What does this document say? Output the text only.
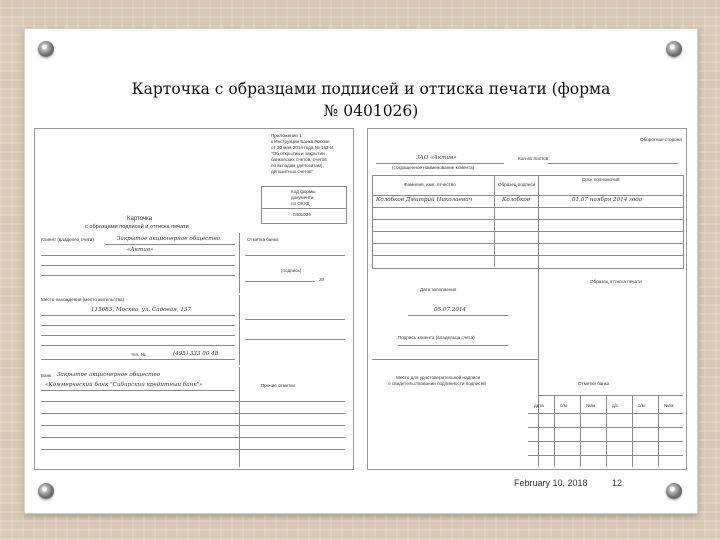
Карточка с образцами подписей и оттиска печати (форма
№ 0401026)
Приложение 1
к Инструкции Банка России
от 30 мая 2014 года № 153-И
"Об открытии и закрытии
банковских счетов, счетов
по вкладам (депозитам),
депозитных счетов"
Код формы
документа
по ОКУД
0401026
Карточка
с образцами подписей и оттиска печати
Клиент (владелец счета)	Закрытое акционерное общество
«Актив»
Отметка банка
(подпись)
20
Место нахождения (место жительства)
115683, Москва, ул. Садовая, 137
тел. №	(495) 333 00 48
Банк Закрытое акционерное общество
«Коммерческий банк "Сибирский кредитный банк"»	Прочие отметки
Оборотная сторона
ЗАО «Актив»
(сокращенное наименование клиента)
Кол-во листов
Фамилия, имя, отчество	Образец подписи
Срок полномочий
Колобков Дмитрий Николаевич	Колобков	01.07 ноября 2014 года
Образец оттиска печати
Дата заполнения
05.07.2014
Подпись клиента (владельца счета)
Место для удостоверительной надписи
о свидетельствовании подлинности подписей	Отметки банка
дата	с/м	№/м	д/с	с/м	№/м
February 10, 2018	12
